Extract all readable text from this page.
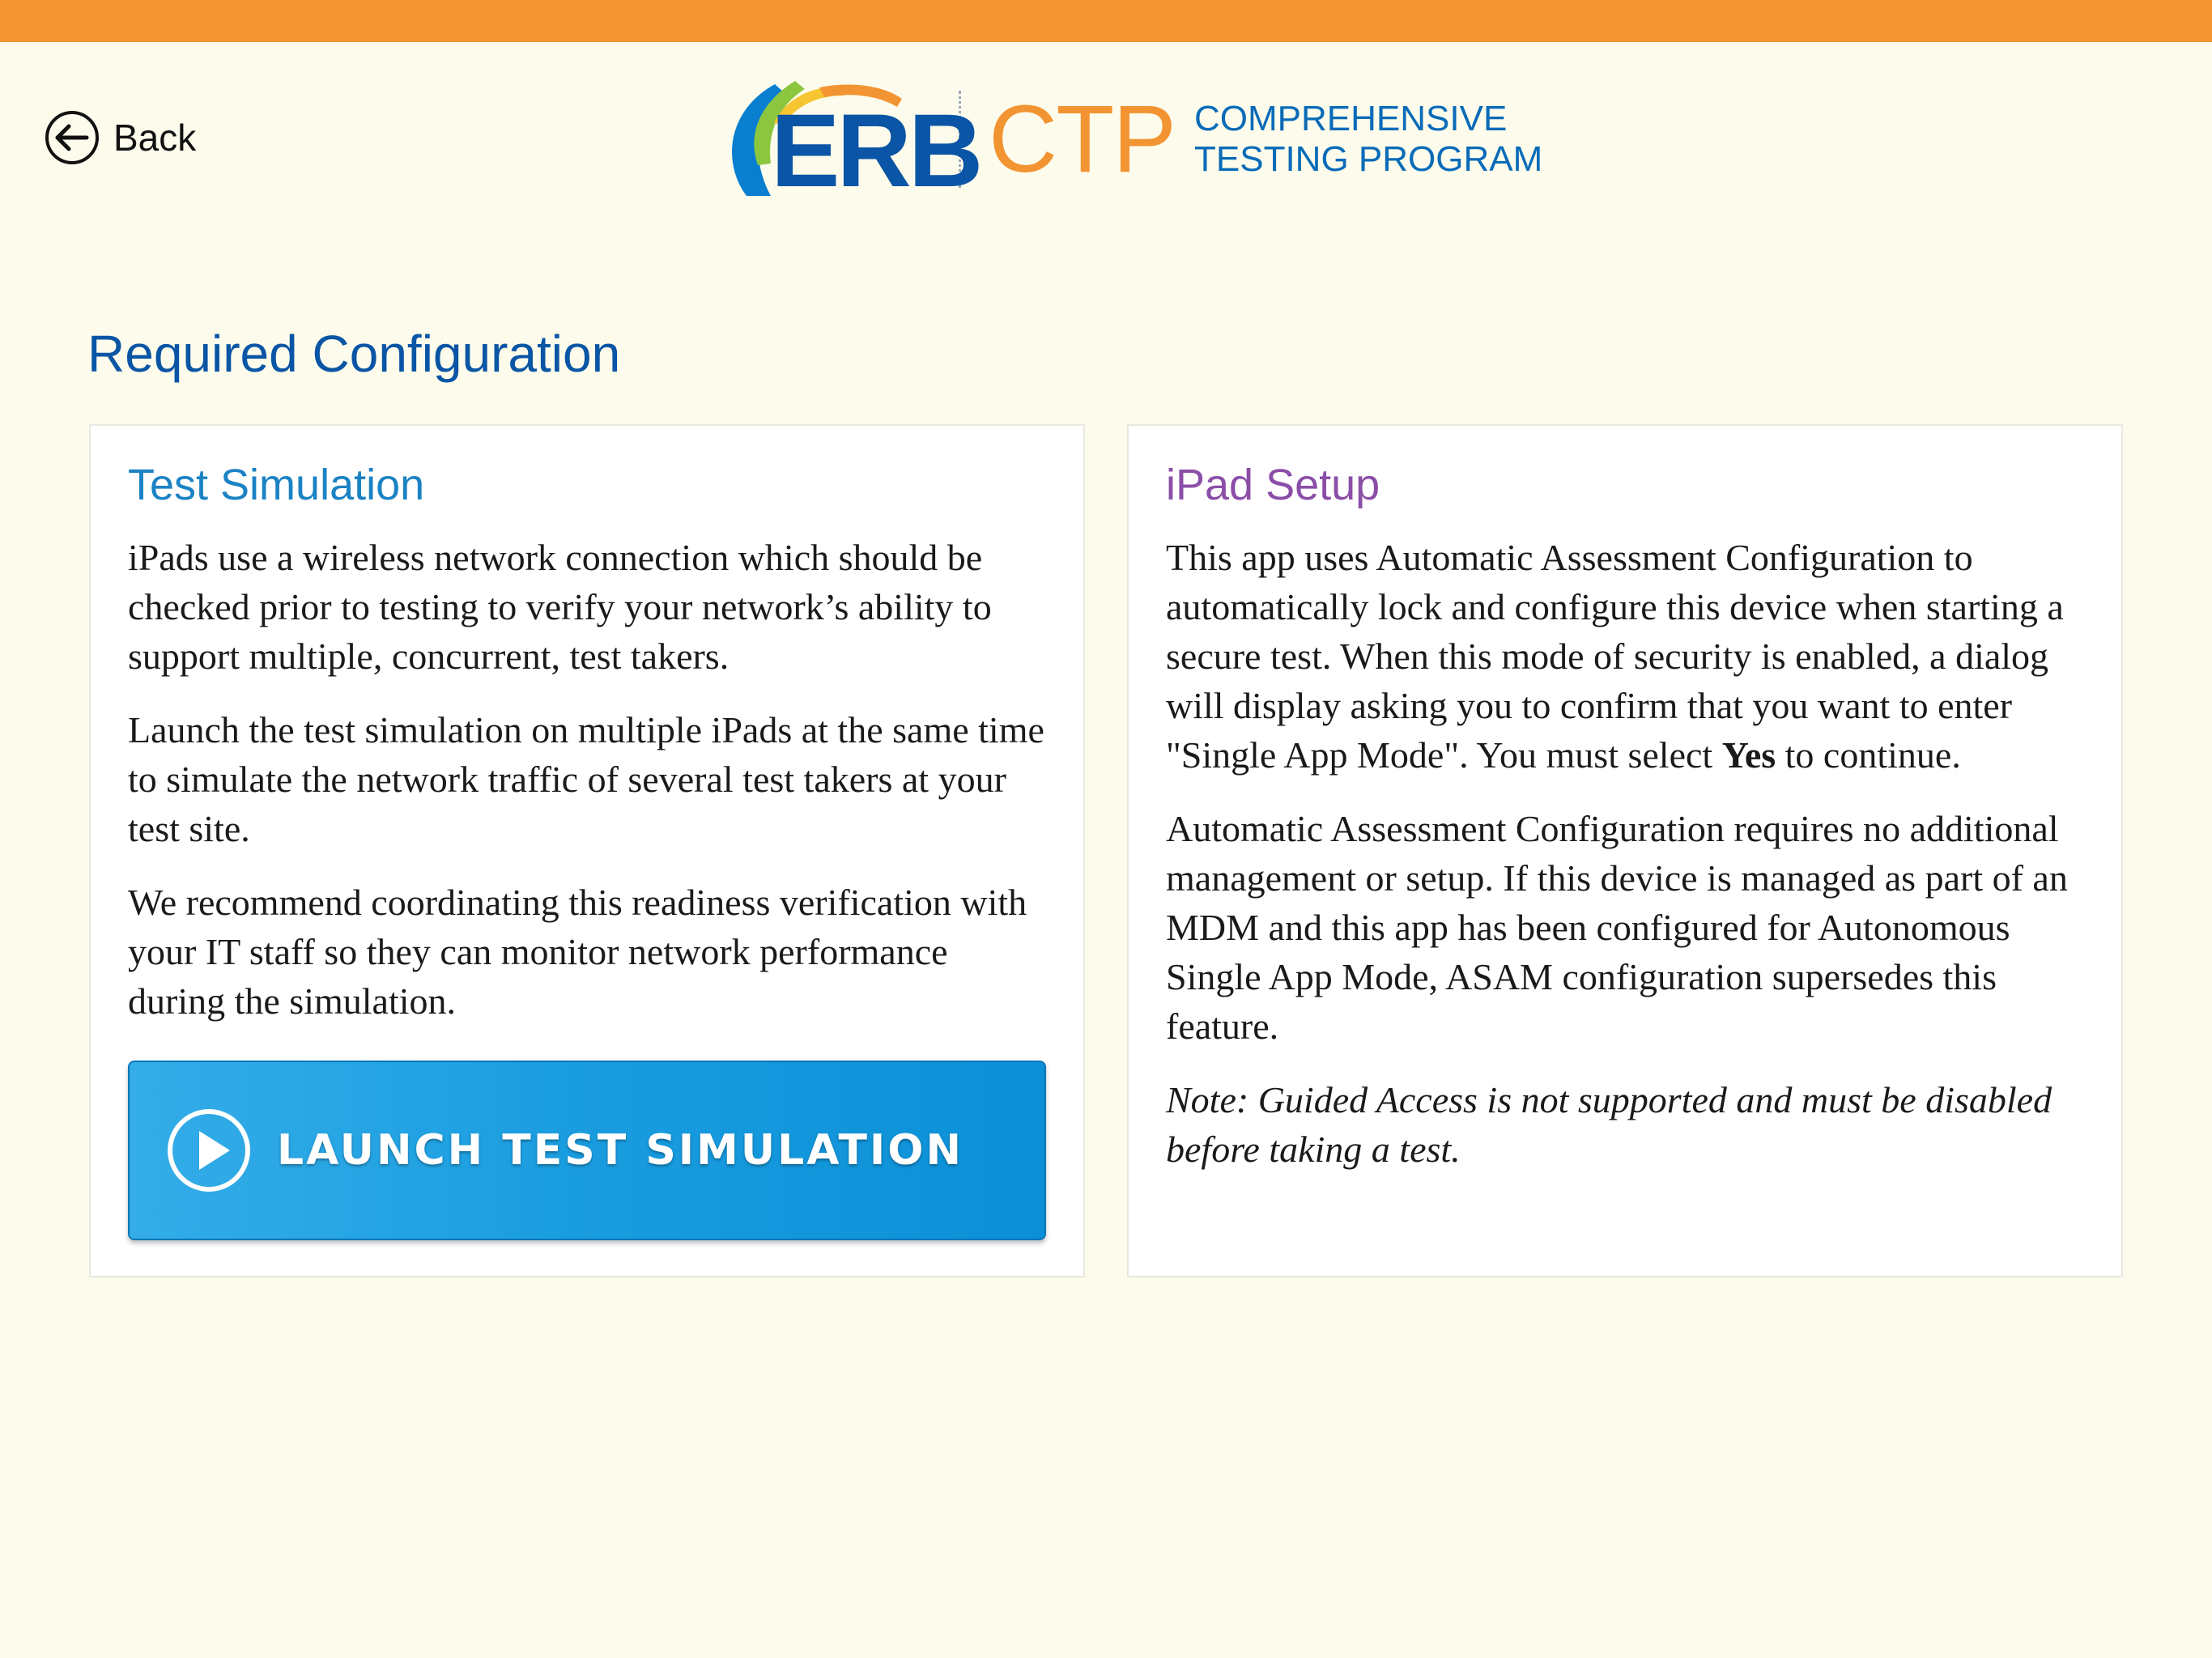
Back	ERB CTP COMPREHENSIVE
TESTING PROGRAM
Required Configuration
Test Simulation

iPads use a wireless network connection which should be checked prior to testing to verify your network’s ability to support multiple, concurrent, test takers.

Launch the test simulation on multiple iPads at the same time to simulate the network traffic of several test takers at your test site.

We recommend coordinating this readiness verification with your IT staff so they can monitor network performance during the simulation.

LAUNCH TEST SIMULATION
iPad Setup

This app uses Automatic Assessment Configuration to automatically lock and configure this device when starting a secure test. When this mode of security is enabled, a dialog will display asking you to confirm that you want to enter "Single App Mode". You must select Yes to continue.

Automatic Assessment Configuration requires no additional management or setup. If this device is managed as part of an MDM and this app has been configured for Autonomous Single App Mode, ASAM configuration supersedes this feature.

Note: Guided Access is not supported and must be disabled before taking a test.
